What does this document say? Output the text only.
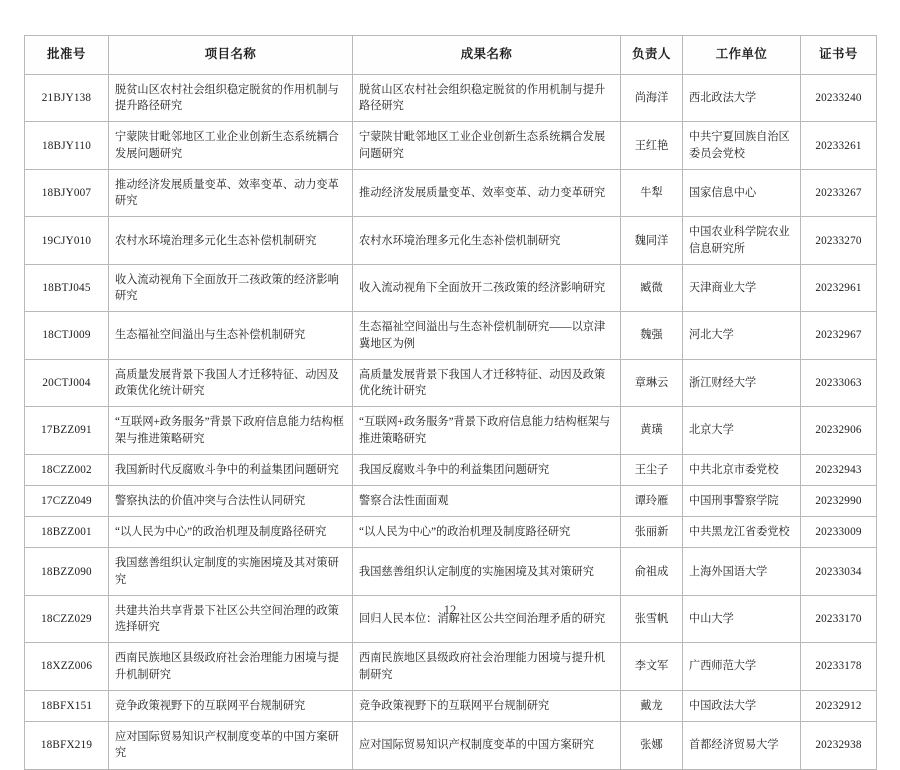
批准号	项目名称	成果名称	负责人	工作单位	证书号
21BJY138	脱贫山区农村社会组织稳定脱贫的作用机制与提升路径研究	脱贫山区农村社会组织稳定脱贫的作用机制与提升路径研究	尚海洋	西北政法大学	20233240
18BJY110	宁蒙陕甘毗邻地区工业企业创新生态系统耦合发展问题研究	宁蒙陕甘毗邻地区工业企业创新生态系统耦合发展问题研究	王红艳	中共宁夏回族自治区委员会党校	20233261
18BJY007	推动经济发展质量变革、效率变革、动力变革研究	推动经济发展质量变革、效率变革、动力变革研究	牛犁	国家信息中心	20233267
19CJY010	农村水环境治理多元化生态补偿机制研究	农村水环境治理多元化生态补偿机制研究	魏同洋	中国农业科学院农业信息研究所	20233270
18BTJ045	收入流动视角下全面放开二孩政策的经济影响研究	收入流动视角下全面放开二孩政策的经济影响研究	臧微	天津商业大学	20232961
18CTJ009	生态福祉空间溢出与生态补偿机制研究	生态福祉空间溢出与生态补偿机制研究——以京津冀地区为例	魏强	河北大学	20232967
20CTJ004	高质量发展背景下我国人才迁移特征、动因及政策优化统计研究	高质量发展背景下我国人才迁移特征、动因及政策优化统计研究	章琳云	浙江财经大学	20233063
17BZZ091	“互联网+政务服务”背景下政府信息能力结构框架与推进策略研究	“互联网+政务服务”背景下政府信息能力结构框架与推进策略研究	黄璜	北京大学	20232906
18CZZ002	我国新时代反腐败斗争中的利益集团问题研究	我国反腐败斗争中的利益集团问题研究	王尘子	中共北京市委党校	20232943
17CZZ049	警察执法的价值冲突与合法性认同研究	警察合法性面面观	谭玲雁	中国刑事警察学院	20232990
18BZZ001	“以人民为中心”的政治机理及制度路径研究	“以人民为中心”的政治机理及制度路径研究	张丽新	中共黑龙江省委党校	20233009
18BZZ090	我国慈善组织认定制度的实施困境及其对策研究	我国慈善组织认定制度的实施困境及其对策研究	俞祖成	上海外国语大学	20233034
18CZZ029	共建共治共享背景下社区公共空间治理的政策选择研究	回归人民本位：消解社区公共空间治理矛盾的研究	张雪帆	中山大学	20233170
18XZZ006	西南民族地区县级政府社会治理能力困境与提升机制研究	西南民族地区县级政府社会治理能力困境与提升机制研究	李文军	广西师范大学	20233178
18BFX151	竞争政策视野下的互联网平台规制研究	竞争政策视野下的互联网平台规制研究	戴龙	中国政法大学	20232912
18BFX219	应对国际贸易知识产权制度变革的中国方案研究	应对国际贸易知识产权制度变革的中国方案研究	张娜	首都经济贸易大学	20232938
12
